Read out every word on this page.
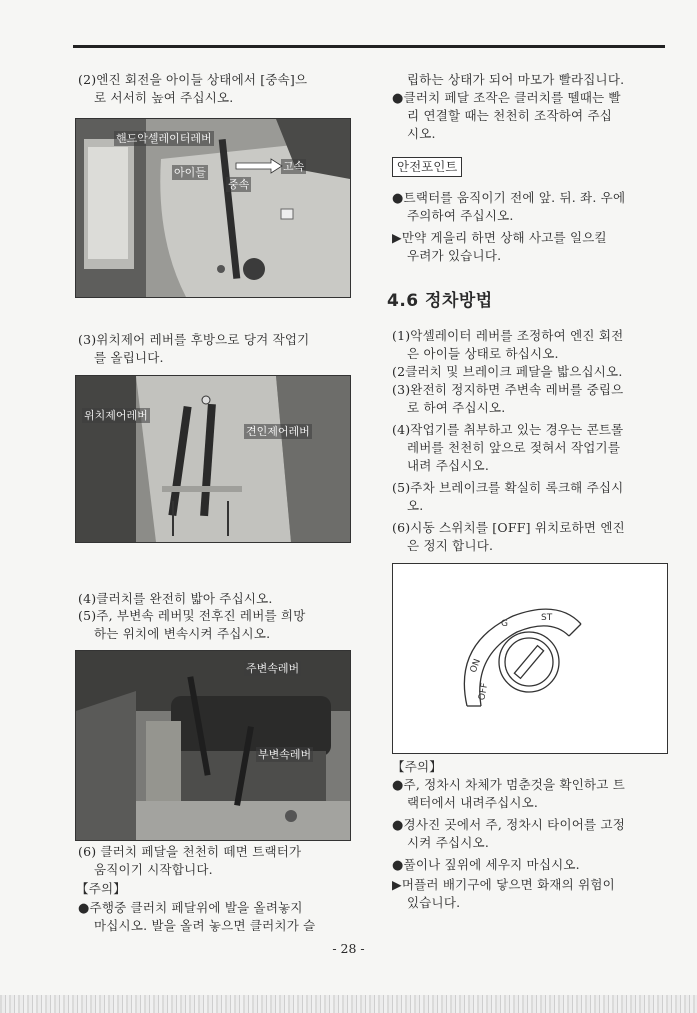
(2)엔진 회전을 아이들 상태에서 [중속]으
로 서서히 높여 주십시오.
핸드악셀레이터레버
아이들
중속
고속
(3)위치제어 레버를 후방으로 당겨 작업기
를 올립니다.
위치제어레버
견인제어레버
(4)클러치를 완전히 밟아 주십시오.
(5)주, 부변속 레버및 전후진 레버를 희망
하는 위치에 변속시켜 주십시오.
주변속레버
부변속레버
(6) 클러치 페달을 천천히 떼면 트랙터가
움직이기 시작합니다.
【주의】
●주행중 클러치 페달위에 발을 올려놓지
마십시오. 발을 올려 놓으면 클러치가 슬
립하는 상태가 되어 마모가 빨라집니다.
●클러치 페달 조작은 클러치를 뗄때는 빨
리 연결할 때는 천천히 조작하여 주십
시오.
안전포인트
●트랙터를 움직이기 전에 앞. 뒤. 좌. 우에
주의하여 주십시오.
▶만약 게을리 하면 상해 사고를 일으킬
우려가 있습니다.
4.6 정차방법
(1)악셀레이터 레버를 조정하여 엔진 회전
은 아이들 상태로 하십시오.
(2클러치 및 브레이크 페달을 밟으십시오.
(3)완전히 정지하면 주변속 레버를 중립으
로 하여 주십시오.
(4)작업기를 취부하고 있는 경우는 콘트롤
레버를 천천히 앞으로 젖혀서 작업기를
내려 주십시오.
(5)주차 브레이크를 확실히 록크해 주십시
오.
(6)시동 스위치를 [OFF] 위치로하면 엔진
은 정지 합니다.
G
ST
ON
OFF
【주의】
●주, 정차시 차체가 멈춘것을 확인하고 트
랙터에서 내려주십시오.
●경사진 곳에서 주, 정차시 타이어를 고정
시켜 주십시오.
●풀이나 짚위에 세우지 마십시오.
▶머플러 배기구에 닿으면 화재의 위험이
있습니다.
- 28 -
